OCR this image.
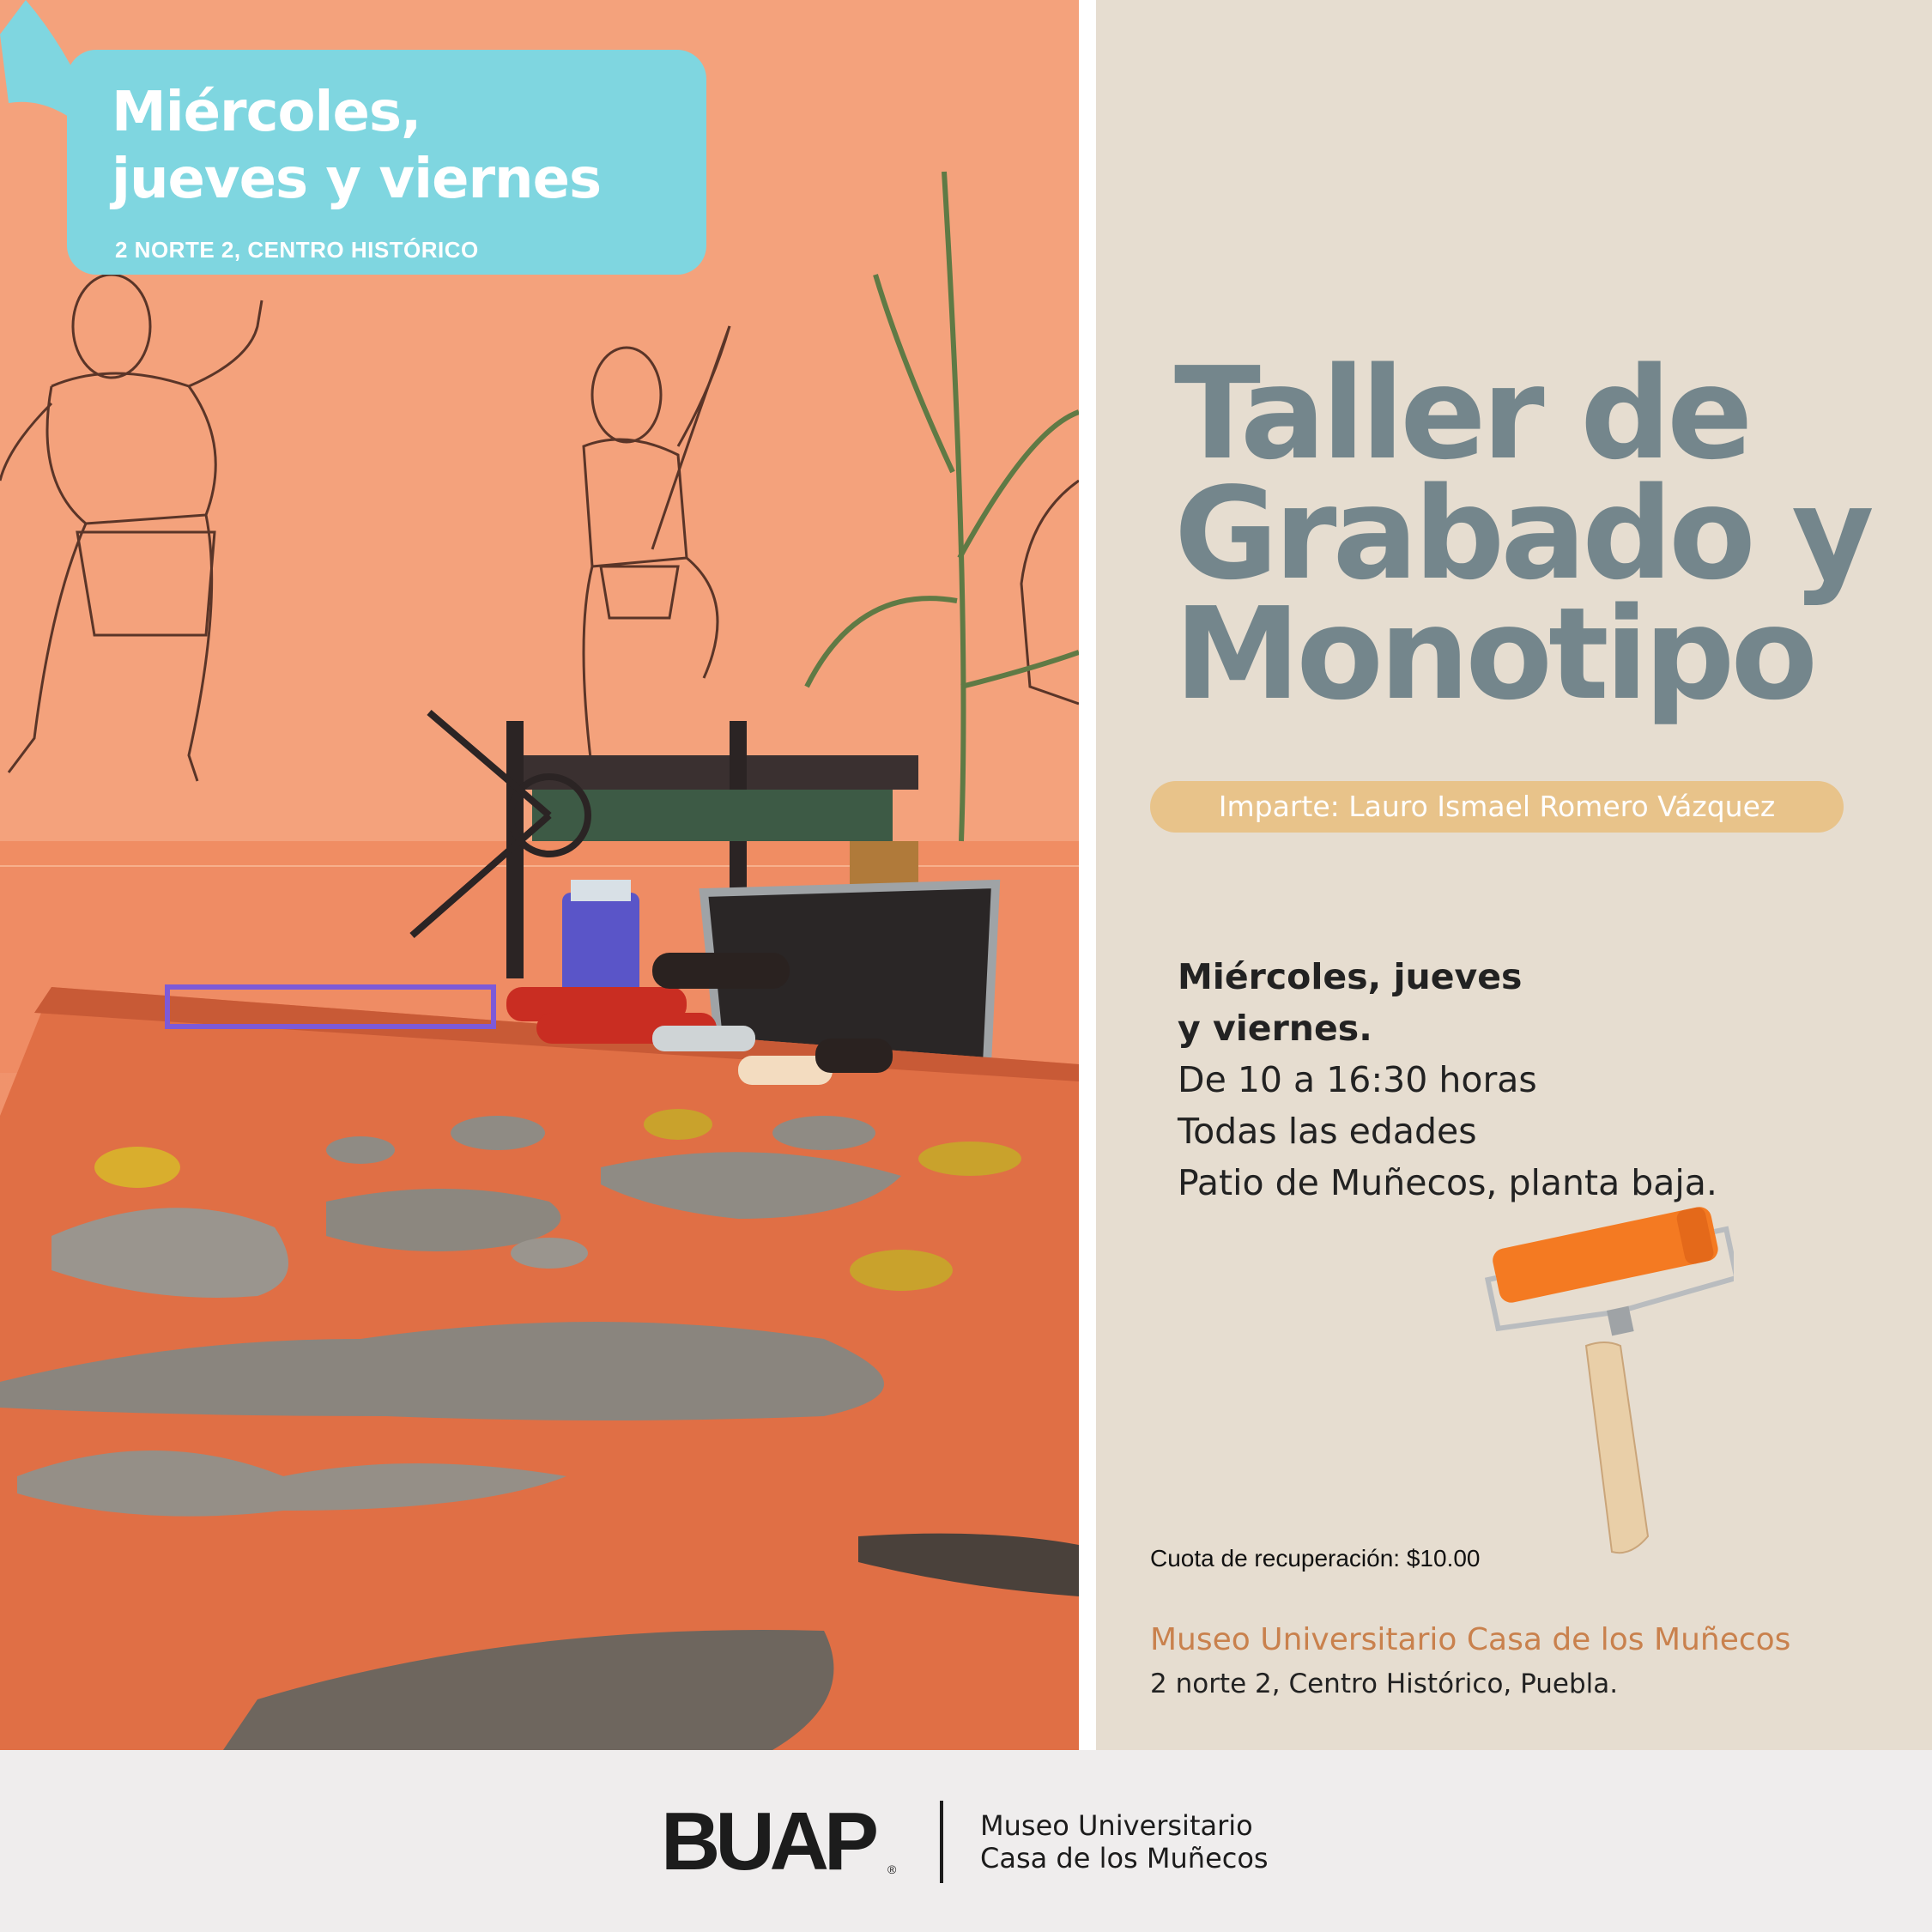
Miércoles,
jueves y viernes
2 NORTE 2, CENTRO HISTÓRICO
Taller de
Grabado y
Monotipo
Imparte: Lauro Ismael Romero Vázquez
Miércoles, jueves
y viernes.
De 10 a 16:30 horas
Todas las edades
Patio de Muñecos, planta baja.
Cuota de recuperación: $10.00
Museo Universitario Casa de los Muñecos
2 norte 2, Centro Histórico, Puebla.
BUAP ®
Museo Universitario
Casa de los Muñecos
